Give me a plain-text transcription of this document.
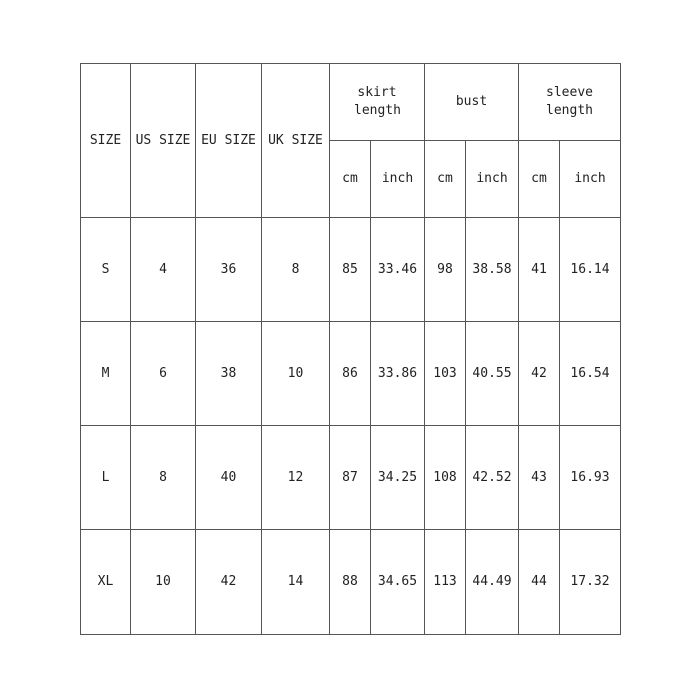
SIZE	US SIZE	EU SIZE	UK SIZE	skirt length		bust		sleeve length	

				cm	inch	cm	inch	cm	inch
S	4	36	8	85	33.46	98	38.58	41	16.14
M	6	38	10	86	33.86	103	40.55	42	16.54
L	8	40	12	87	34.25	108	42.52	43	16.93
XL	10	42	14	88	34.65	113	44.49	44	17.32
